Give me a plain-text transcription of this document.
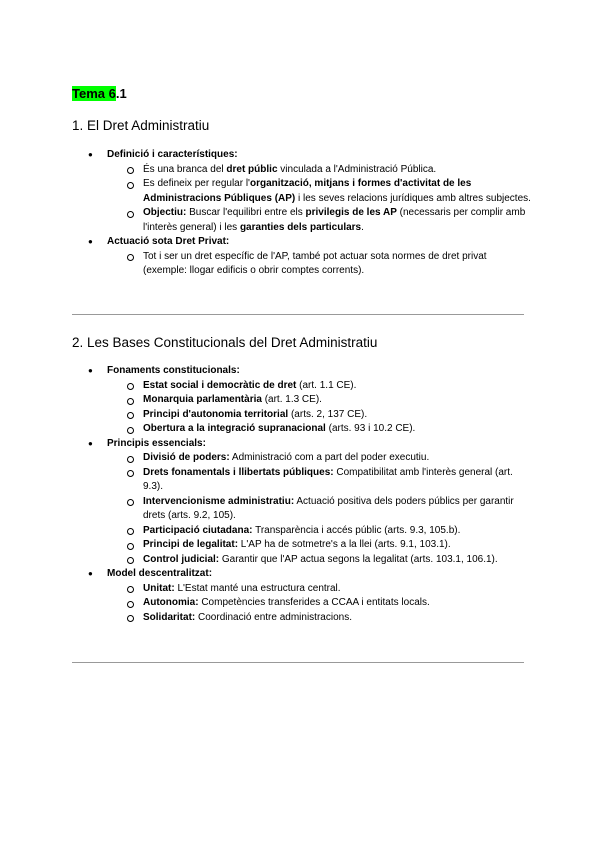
Tema 6.1
1. El Dret Administratiu
● Definició i característiques:
És una branca del dret públic vinculada a l'Administració Pública.
Es defineix per regular l'organització, mitjans i formes d'activitat de les Administracions Públiques (AP) i les seves relacions jurídiques amb altres subjectes.
Objectiu: Buscar l'equilibri entre els privilegis de les AP (necessaris per complir amb l'interès general) i les garanties dels particulars.
● Actuació sota Dret Privat:
Tot i ser un dret específic de l'AP, també pot actuar sota normes de dret privat (exemple: llogar edificis o obrir comptes corrents).
2. Les Bases Constitucionals del Dret Administratiu
● Fonaments constitucionals:
Estat social i democràtic de dret (art. 1.1 CE).
Monarquia parlamentària (art. 1.3 CE).
Principi d'autonomia territorial (arts. 2, 137 CE).
Obertura a la integració supranacional (arts. 93 i 10.2 CE).
● Principis essencials:
Divisió de poders: Administració com a part del poder executiu.
Drets fonamentals i llibertats públiques: Compatibilitat amb l'interès general (art. 9.3).
Intervencionisme administratiu: Actuació positiva dels poders públics per garantir drets (arts. 9.2, 105).
Participació ciutadana: Transparència i accés públic (arts. 9.3, 105.b).
Principi de legalitat: L'AP ha de sotmetre's a la llei (arts. 9.1, 103.1).
Control judicial: Garantir que l'AP actua segons la legalitat (arts. 103.1, 106.1).
● Model descentralitzat:
Unitat: L'Estat manté una estructura central.
Autonomia: Competències transferides a CCAA i entitats locals.
Solidaritat: Coordinació entre administracions.
